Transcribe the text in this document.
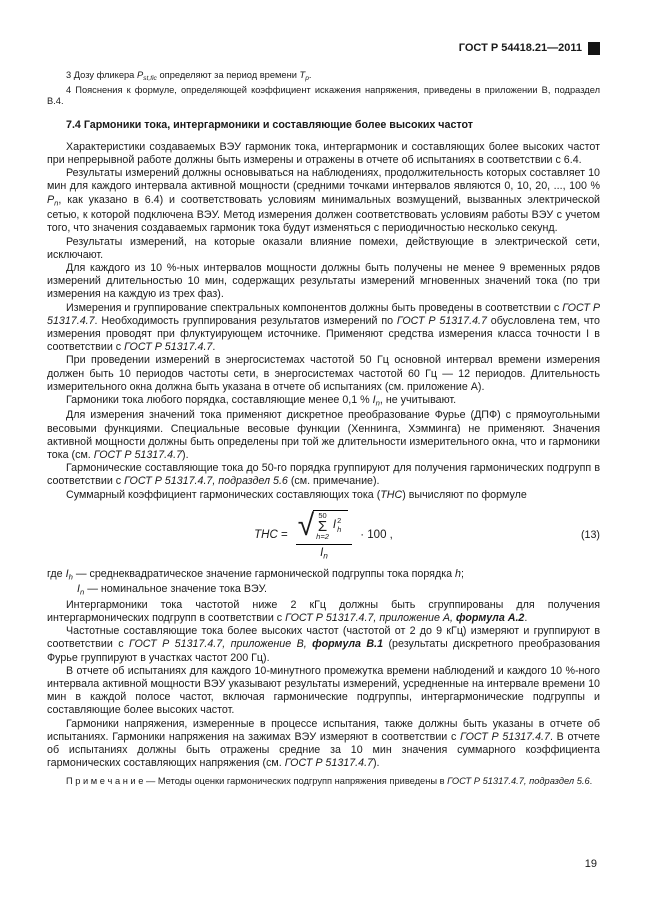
ГОСТ Р 54418.21—2011

3 Дозу фликера $P_{st,fic}$ определяют за период времени $T_p$.

4 Пояснения к формуле, определяющей коэффициент искажения напряжения, приведены в приложении В, подраздел В.4.

7.4 Гармоники тока, интергармоники и составляющие более высоких частот

Характеристики создаваемых ВЭУ гармоник тока, интергармоник и составляющих более высоких частот при непрерывной работе должны быть измерены и отражены в отчете об испытаниях в соответствии с 6.4.

Результаты измерений должны основываться на наблюдениях, продолжительность которых составляет 10 мин для каждого интервала активной мощности (средними точками интервалов являются 0, 10, 20, ..., 100 % $P_n$, как указано в 6.4) и соответствовать условиям минимальных возмущений, вызванных электрической сетью, к которой подключена ВЭУ. Метод измерения должен соответствовать условиям работы ВЭУ с учетом того, что значения создаваемых гармоник тока будут изменяться с периодичностью несколько секунд.

Результаты измерений, на которые оказали влияние помехи, действующие в электрической сети, исключают.

Для каждого из 10 %-ных интервалов мощности должны быть получены не менее 9 временных рядов измерений длительностью 10 мин, содержащих результаты измерений мгновенных значений тока (по три измерения на каждую из трех фаз).

Измерения и группирование спектральных компонентов должны быть проведены в соответствии с ГОСТ Р 51317.4.7. Необходимость группирования результатов измерений по ГОСТ Р 51317.4.7 обусловлена тем, что измерения проводят при флуктуирующем источнике. Применяют средства измерения класса точности I в соответствии с ГОСТ Р 51317.4.7.

При проведении измерений в энергосистемах частотой 50 Гц основной интервал времени измерения должен быть 10 периодов частоты сети, в энергосистемах частотой 60 Гц — 12 периодов. Длительность измерительного окна должна быть указана в отчете об испытаниях (см. приложение А).

Гармоники тока любого порядка, составляющие менее 0,1 % $I_n$, не учитывают.

Для измерения значений тока применяют дискретное преобразование Фурье (ДПФ) с прямоугольными весовыми функциями. Специальные весовые функции (Хеннинга, Хэмминга) не применяют. Значения активной мощности должны быть определены при той же длительности измерительного окна, что и гармоники тока (см. ГОСТ Р 51317.4.7).

Гармонические составляющие тока до 50-го порядка группируют для получения гармонических подгрупп в соответствии с ГОСТ Р 51317.4.7, подраздел 5.6 (см. примечание).

Суммарный коэффициент гармонических составляющих тока (THC) вычисляют по формуле

THC = √ 50
Σ
h=2
I 2
h
$I_n$
· 100 ,	(13)

где $I_h$ — среднеквадратическое значение гармонической подгруппы тока порядка h;

$I_n$ — номинальное значение тока ВЭУ.

Интергармоники тока частотой ниже 2 кГц должны быть сгруппированы для получения интергармонических подгрупп в соответствии с ГОСТ Р 51317.4.7, приложение А, формула А.2.

Частотные составляющие тока более высоких частот (частотой от 2 до 9 кГц) измеряют и группируют в соответствии с ГОСТ Р 51317.4.7, приложение В, формула В.1 (результаты дискретного преобразования Фурье группируют в участках частот 200 Гц).

В отчете об испытаниях для каждого 10-минутного промежутка времени наблюдений и каждого 10 %-ного интервала активной мощности ВЭУ указывают результаты измерений, усредненные на интервале времени 10 мин в каждой полосе частот, включая гармонические подгруппы, интергармонические подгруппы и составляющие более высоких частот.

Гармоники напряжения, измеренные в процессе испытания, также должны быть указаны в отчете об испытаниях. Гармоники напряжения на зажимах ВЭУ измеряют в соответствии с ГОСТ Р 51317.4.7. В отчете об испытаниях должны быть отражены средние за 10 мин значения суммарного коэффициента гармонических составляющих напряжения (см. ГОСТ Р 51317.4.7).

П р и м е ч а н и е — Методы оценки гармонических подгрупп напряжения приведены в ГОСТ Р 51317.4.7, подраздел 5.6.

19
